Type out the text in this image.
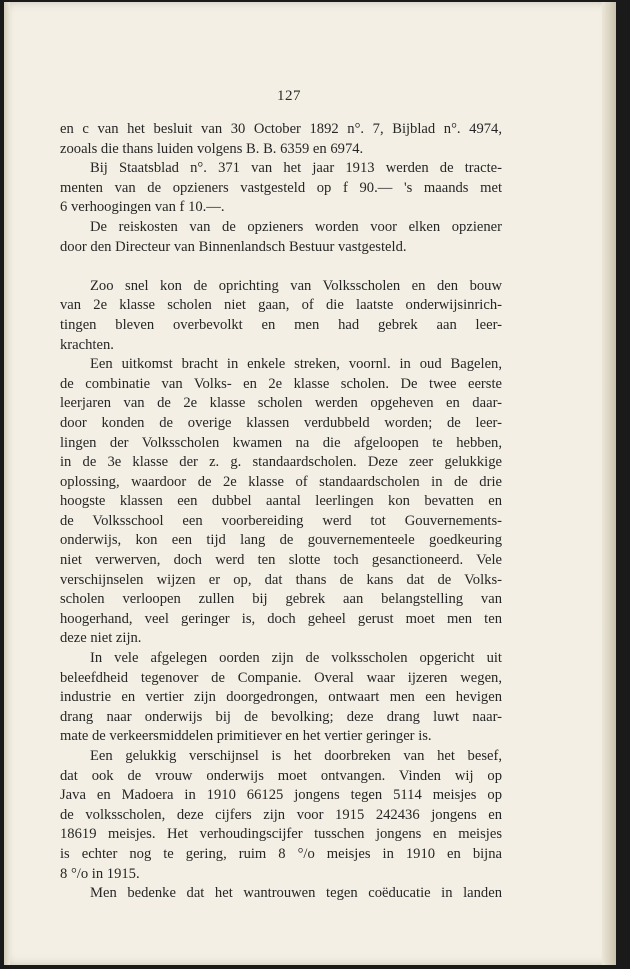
127
en c van het besluit van 30 October 1892 n°. 7, Bijblad n°. 4974,
zooals die thans luiden volgens B. B. 6359 en 6974.
Bij Staatsblad n°. 371 van het jaar 1913 werden de tracte-
menten van de opzieners vastgesteld op f 90.— 's maands met
6 verhoogingen van f 10.—.
De reiskosten van de opzieners worden voor elken opziener
door den Directeur van Binnenlandsch Bestuur vastgesteld.
Zoo snel kon de oprichting van Volksscholen en den bouw
van 2e klasse scholen niet gaan, of die laatste onderwijsinrich-
tingen bleven overbevolkt en men had gebrek aan leer-
krachten.
Een uitkomst bracht in enkele streken, voornl. in oud Bagelen,
de combinatie van Volks- en 2e klasse scholen. De twee eerste
leerjaren van de 2e klasse scholen werden opgeheven en daar-
door konden de overige klassen verdubbeld worden; de leer-
lingen der Volksscholen kwamen na die afgeloopen te hebben,
in de 3e klasse der z. g. standaardscholen. Deze zeer gelukkige
oplossing, waardoor de 2e klasse of standaardscholen in de drie
hoogste klassen een dubbel aantal leerlingen kon bevatten en
de Volksschool een voorbereiding werd tot Gouvernements-
onderwijs, kon een tijd lang de gouvernementeele goedkeuring
niet verwerven, doch werd ten slotte toch gesanctioneerd. Vele
verschijnselen wijzen er op, dat thans de kans dat de Volks-
scholen verloopen zullen bij gebrek aan belangstelling van
hoogerhand, veel geringer is, doch geheel gerust moet men ten
deze niet zijn.
In vele afgelegen oorden zijn de volksscholen opgericht uit
beleefdheid tegenover de Companie. Overal waar ijzeren wegen,
industrie en vertier zijn doorgedrongen, ontwaart men een hevigen
drang naar onderwijs bij de bevolking; deze drang luwt naar-
mate de verkeersmiddelen primitiever en het vertier geringer is.
Een gelukkig verschijnsel is het doorbreken van het besef,
dat ook de vrouw onderwijs moet ontvangen. Vinden wij op
Java en Madoera in 1910 66125 jongens tegen 5114 meisjes op
de volksscholen, deze cijfers zijn voor 1915 242436 jongens en
18619 meisjes. Het verhoudingscijfer tusschen jongens en meisjes
is echter nog te gering, ruim 8 °/o meisjes in 1910 en bijna
8 °/o in 1915.
Men bedenke dat het wantrouwen tegen coëducatie in landen
